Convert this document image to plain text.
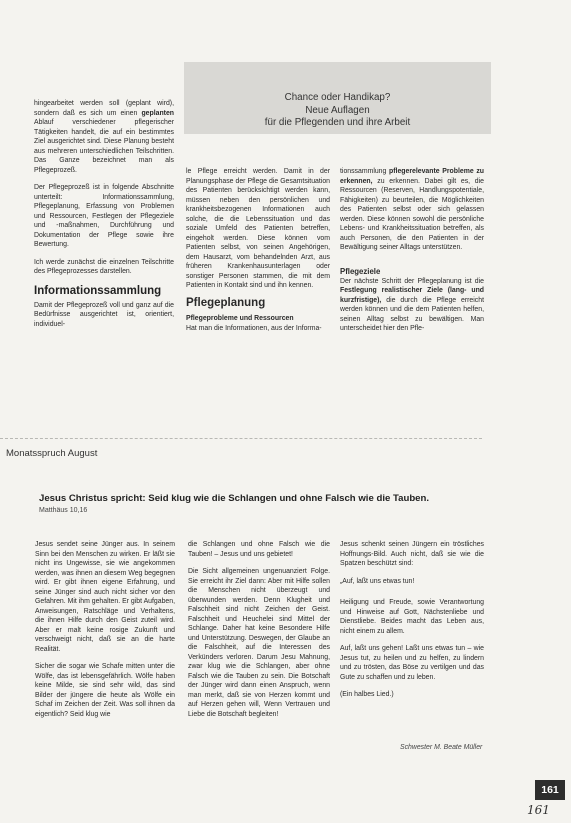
hingearbeitet werden soll (geplant wird), sondern daß es sich um einen geplanten Ablauf verschiedener pflegerischer Tätigkeiten handelt, die auf ein bestimmtes Ziel ausgerichtet sind. Diese Planung besteht aus mehreren unterschiedlichen Teilschritten. Das Ganze bezeichnet man als Pflegeprozeß.

Der Pflegeprozeß ist in folgende Abschnitte unterteilt: Informationssammlung, Pflegeplanung, Erfassung von Problemen und Ressourcen, Festlegen der Pflegeziele und -maßnahmen, Durchführung und Dokumentation der Pflege sowie ihre Bewertung.

Ich werde zunächst die einzelnen Teilschritte des Pflegeprozesses darstellen.

Informationssammlung

Damit der Pflegeprozeß voll und ganz auf die Bedürfnisse ausgerichtet ist, orientiert, individuel-

Chance oder Handikap?
Neue Auflagen
für die Pflegenden und ihre Arbeit

le Pflege erreicht werden. Damit in der Planungsphase der Pflege die Gesamtsituation des Patienten berücksichtigt werden kann, müssen neben den persönlichen und krankheitsbezogenen Informationen auch solche, die die Lebenssituation und das soziale Umfeld des Patienten betreffen, eingeholt werden. Diese können vom Patienten selbst, von seinen Angehörigen, dem Hausarzt, vom behandelnden Arzt, aus früheren Krankenhausunterlagen oder sonstiger Personen stammen, die mit dem Patienten in Kontakt sind und ihn kennen.

Pflegeplanung
Pflegeprobleme und Ressourcen

Hat man die Informationen, aus der Informa-

tionssammlung pflegerelevante Probleme zu erkennen, zu erkennen. Dabei gilt es, die Ressourcen (Reserven, Handlungspotentiale, Fähigkeiten) zu beurteilen, die Möglichkeiten des Patienten selbst oder sich gelassen werden. Diese können sowohl die persönliche Lebens- und Krankheitssituation betreffen, als auch Personen, die den Patienten in der Bewältigung seiner Alltags unterstützen.

Pflegeziele

Der nächste Schritt der Pflegeplanung ist die Festlegung realistischer Ziele (lang- und kurzfristige), die durch die Pflege erreicht werden können und die dem Patienten helfen, seinen Alltag selbst zu bewältigen. Man unterscheidet hier den Pfle-

Monatsspruch August
Jesus Christus spricht: Seid klug wie die Schlangen und ohne Falsch wie die Tauben.
Matthäus 10,16

Jesus sendet seine Jünger aus. In seinem Sinn bei den Menschen zu wirken. Er läßt sie nicht ins Ungewisse, sie wie angekommen werden, was ihnen an diesem Weg begegnen wird. Er gibt ihnen eigene Erfahrung, und seine Jünger sind auch nicht sicher vor den Gefahren. Mit ihm gehalten. Er gibt Aufgaben, Anweisungen, Ratschläge und Verhaltens, die ihnen Hilfe durch den Geist zuteil wird. Aber er malt keine rosige Zukunft und verschweigt nicht, daß sie an die harte Realität.

Sicher die sogar wie Schafe mitten unter die Wölfe, das ist lebensgefährlich. Wölfe haben keine Milde, sie sind sehr wild, das sind Bilder der jüngere die heute als Wölfe ein Schaf im Zeichen der Zeit. Was soll ihnen da eigentlich? Seid klug wie

die Schlangen und ohne Falsch wie die Tauben! – Jesus und uns gebietet!

Die Sicht allgemeinen ungenuanziert Folge. Sie erreicht ihr Ziel dann: Aber mit Hilfe sollen die Menschen nicht überzeugt und überwunden werden. Denn Klugheit und Falschheit sind nicht Zeichen der Geist. Falschheit und Heuchelei sind Mittel der Schlange. Daher hat keine Besondere Hilfe und Unterstützung. Deswegen, der Glaube an die Falschheit, auf die Interessen des Verkünders verloren. Darum Jesu Mahnung, zwar klug wie die Schlangen, aber ohne Falsch wie die Tauben zu sein. Die Botschaft der Jünger wird dann einen Anspruch, wenn man merkt, daß sie von Herzen kommt und auf Herzen gehen will, Wenn Vertrauen und Liebe die Botschaft begleiten!

Jesus schenkt seinen Jüngern ein tröstliches Hoffnungs-Bild. Auch nicht, daß sie wie die Spatzen beschützt sind:

„Auf, laßt uns etwas tun!

Heiligung und Freude, sowie Verantwortung und Hinweise auf Gott, Nächstenliebe und Dienstliebe. Beides macht das Leben aus, nicht einem zu allem.

Auf, laßt uns gehen! Laßt uns etwas tun – wie Jesus tut, zu heilen und zu helfen, zu lindern und zu trösten, das Böse zu vertilgen und das Gute zu schaffen und zu leben.

(Ein halbes Lied.)

Schwester M. Beate Müller
161
161
